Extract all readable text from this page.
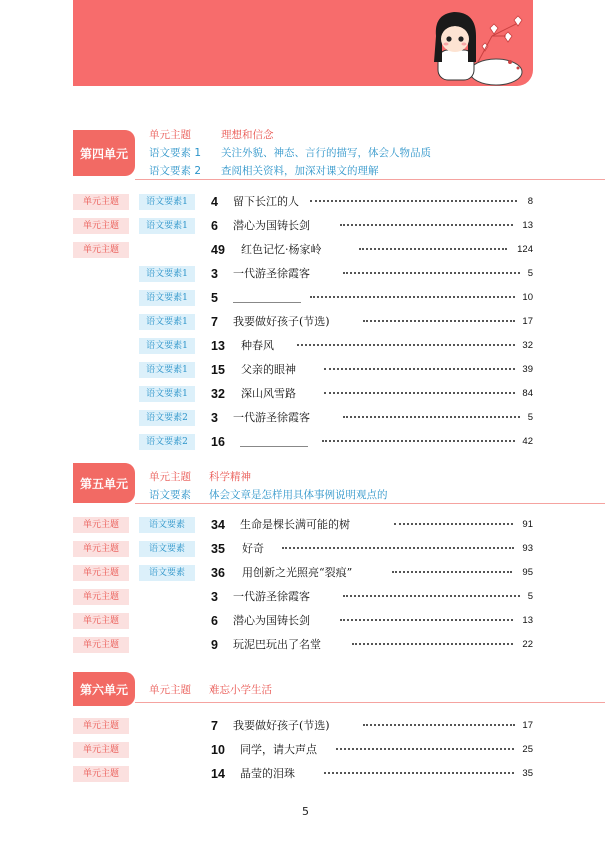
第四单元
单元主题	理想和信念
语文要素 1 关注外貌、神态、言行的描写，体会人物品质
语文要素 2 查阅相关资料，加深对课文的理解
第五单元	单元主题 科学精神
语文要素 体会文章是怎样用具体事例说明观点的
第六单元	单元主题 难忘小学生活
单元主题	语文要素1	4 留下长江的人	8
单元主题	语文要素1	6 潜心为国铸长剑	13
单元主题	49 红色记忆·杨家岭	124
语文要素1	3 一代游圣徐霞客	5
语文要素1	5	10
语文要素1	7 我要做好孩子(节选)	17
语文要素1	13 种春风	32
语文要素1	15 父亲的眼神	39
语文要素1	32 深山风雪路	84
语文要素2	3 一代游圣徐霞客	5
语文要素2	16	42
单元主题	语文要素	34 生命是棵长满可能的树	91
单元主题	语文要素	35 好奇	93
单元主题	语文要素	36 用创新之光照亮“裂痕”	95
单元主题	3 一代游圣徐霞客	5
单元主题	6 潜心为国铸长剑	13
单元主题	9 玩泥巴玩出了名堂	22
单元主题	7 我要做好孩子(节选)	17
单元主题	10 同学，请大声点	25
单元主题	14 晶莹的泪珠	35
5
